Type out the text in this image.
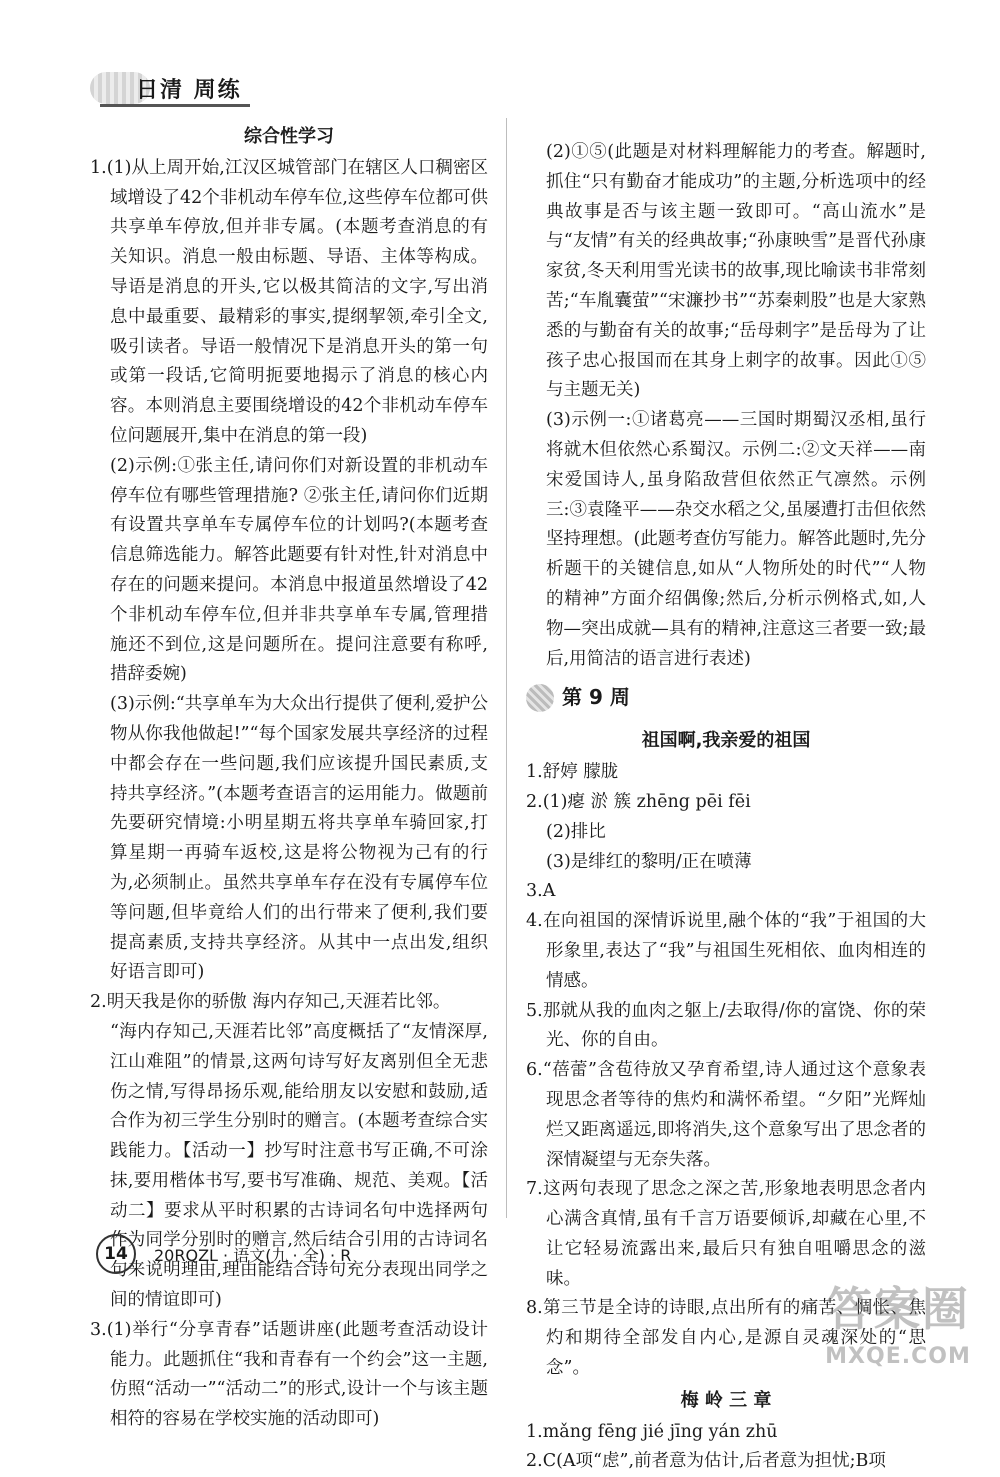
日清 周练

综合性学习

1.(1)从上周开始,江汉区城管部门在辖区人口稠密区域增设了42个非机动车停车位,这些停车位都可供共享单车停放,但并非专属。(本题考查消息的有关知识。消息一般由标题、导语、主体等构成。导语是消息的开头,它以极其简洁的文字,写出消息中最重要、最精彩的事实,提纲挈领,牵引全文,吸引读者。导语一般情况下是消息开头的第一句或第一段话,它简明扼要地揭示了消息的核心内容。本则消息主要围绕增设的42个非机动车停车位问题展开,集中在消息的第一段)

(2)示例:①张主任,请问你们对新设置的非机动车停车位有哪些管理措施? ②张主任,请问你们近期有设置共享单车专属停车位的计划吗?(本题考查信息筛选能力。解答此题要有针对性,针对消息中存在的问题来提问。本消息中报道虽然增设了42个非机动车停车位,但并非共享单车专属,管理措施还不到位,这是问题所在。提问注意要有称呼,措辞委婉)

(3)示例:“共享单车为大众出行提供了便利,爱护公物从你我他做起!”“每个国家发展共享经济的过程中都会存在一些问题,我们应该提升国民素质,支持共享经济。”(本题考查语言的运用能力。做题前先要研究情境:小明星期五将共享单车骑回家,打算星期一再骑车返校,这是将公物视为己有的行为,必须制止。虽然共享单车存在没有专属停车位等问题,但毕竟给人们的出行带来了便利,我们要提高素质,支持共享经济。从其中一点出发,组织好语言即可)

2.明天我是你的骄傲 海内存知己,天涯若比邻。

“海内存知己,天涯若比邻”高度概括了“友情深厚,江山难阻”的情景,这两句诗写好友离别但全无悲伤之情,写得昂扬乐观,能给朋友以安慰和鼓励,适合作为初三学生分别时的赠言。(本题考查综合实践能力。【活动一】抄写时注意书写正确,不可涂抹,要用楷体书写,要书写准确、规范、美观。【活动二】要求从平时积累的古诗词名句中选择两句作为同学分别时的赠言,然后结合引用的古诗词名句来说明理由,理由能结合诗句充分表现出同学之间的情谊即可)

3.(1)举行“分享青春”话题讲座(此题考查活动设计能力。此题抓住“我和青春有一个约会”这一主题,仿照“活动一”“活动二”的形式,设计一个与该主题相符的容易在学校实施的活动即可)

(2)①⑤(此题是对材料理解能力的考查。解题时,抓住“只有勤奋才能成功”的主题,分析选项中的经典故事是否与该主题一致即可。“高山流水”是与“友情”有关的经典故事;“孙康映雪”是晋代孙康家贫,冬天利用雪光读书的故事,现比喻读书非常刻苦;“车胤囊萤”“宋濂抄书”“苏秦刺股”也是大家熟悉的与勤奋有关的故事;“岳母刺字”是岳母为了让孩子忠心报国而在其身上刺字的故事。因此①⑤与主题无关)

(3)示例一:①诸葛亮——三国时期蜀汉丞相,虽行将就木但依然心系蜀汉。示例二:②文天祥——南宋爱国诗人,虽身陷敌营但依然正气凛然。示例三:③袁隆平——杂交水稻之父,虽屡遭打击但依然坚持理想。(此题考查仿写能力。解答此题时,先分析题干的关键信息,如从“人物所处的时代”“人物的精神”方面介绍偶像;然后,分析示例格式,如,人物—突出成就—具有的精神,注意这三者要一致;最后,用简洁的语言进行表述)

第 9 周

祖国啊,我亲爱的祖国

1.舒婷 朦胧

2.(1)瘪 淤 簇 zhēng pēi fēi

(2)排比

(3)是绯红的黎明/正在喷薄

3.A

4.在向祖国的深情诉说里,融个体的“我”于祖国的大形象里,表达了“我”与祖国生死相依、血肉相连的情感。

5.那就从我的血肉之躯上/去取得/你的富饶、你的荣光、你的自由。

6.“蓓蕾”含苞待放又孕育希望,诗人通过这个意象表现思念者等待的焦灼和满怀希望。“夕阳”光辉灿烂又距离遥远,即将消失,这个意象写出了思念者的深情凝望与无奈失落。

7.这两句表现了思念之深之苦,形象地表明思念者内心满含真情,虽有千言万语要倾诉,却藏在心里,不让它轻易流露出来,最后只有独自咀嚼思念的滋味。

8.第三节是全诗的诗眼,点出所有的痛苦、惆怅、焦灼和期待全部发自内心,是源自灵魂深处的“思念”。

梅 岭 三 章

1.mǎng fēng jié jīng yán zhū

2.C(A项“虑”,前者意为估计,后者意为担忧;B项

14	20RQZL · 语文(九 · 全) · R
答案圈
MXQE.COM
